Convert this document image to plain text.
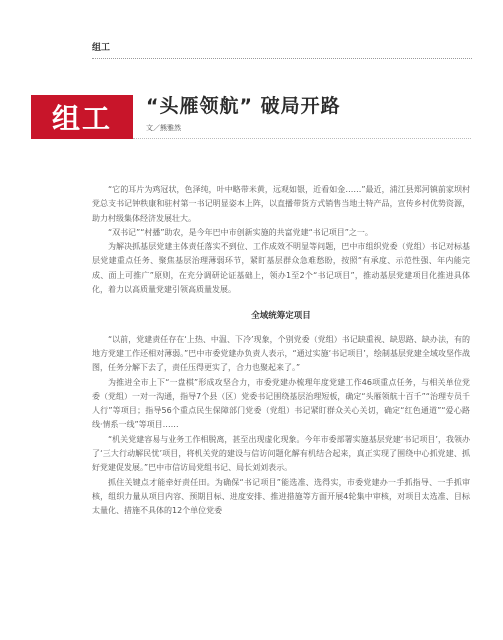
组工
组工	“头雁领航” 破局开路
文／熊雅然

“它的耳片为鸡冠状，色泽纯，叶中略带米黄，远观如银，近看如金……”最近，浦江县郑河镇前家坝村党总支书记钟秩康和驻村第一书记明显姿本上阵，以直播带货方式销售当地土特产品，宣传乡村优势资源，助力村级集体经济发展壮大。

“双书记”“村播”助农，是今年巴中市创新实施的共富党建“书记项目”之一。

为解决抓基层党建主体责任落实不到位、工作成效不明显等问题，巴中市组织党委（党组）书记对标基层党建重点任务、聚焦基层治理薄弱环节，紧盯基层群众急难愁盼，按照“有承度、示范性强、年内能完成、面上可推广”原则，在充分调研论证基础上，领办1至2个“书记项目”，推动基层党建项目化推进具体化，着力以高质量党建引领高质量发展。

全域统筹定项目

“以前，党建责任存在‘上热、中温、下冷’现象，个别党委（党组）书记缺重视、缺思路、缺办法，有的地方党建工作还相对薄弱。”巴中市委党建办负责人表示，“通过实施‘书记项目’，绘制基层党建全域攻坚作战图，任务分解下去了，责任压得更实了，合力也聚起来了。”

为推进全市上下“一盘棋”形成攻坚合力，市委党建办梳理年度党建工作46项重点任务，与相关单位党委（党组）一对一沟通，指导7个县（区）党委书记围绕基层治理短板，确定“头雁领航十百千”“治理专员千人行”等项目；指导56个重点民生保障部门党委（党组）书记紧盯群众关心关切，确定“红色通道”“爱心路线·情系一线”等项目……

“机关党建容易与业务工作相脱离，甚至出现虚化现象。今年市委部署实施基层党建‘书记项目’，我领办了‘三大行动解民忧’项目，将机关党的建设与信访问题化解有机结合起来，真正实现了围绕中心抓党建、抓好党建促发展。”巴中市信访局党组书记、局长刘刘表示。

抓住关键点才能牵好责任田。为确保“书记项目”能选准、选得实，市委党建办一手抓指导、一手抓审核，组织力量从项目内容、预期目标、进度安排、推进措施等方面开展4轮集中审核，对项目太选准、目标太量化、措施不具体的12个单位党委
